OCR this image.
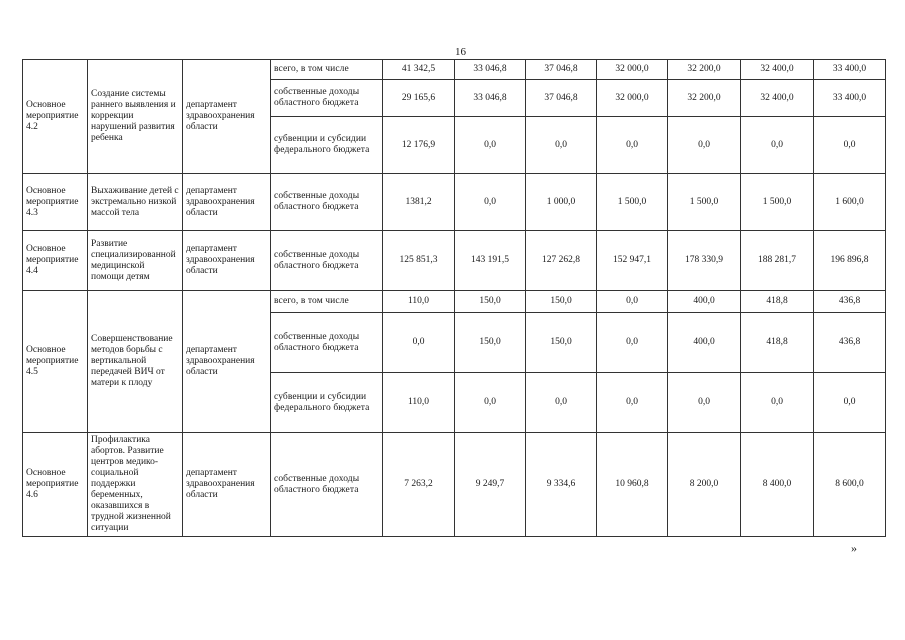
16
Основное мероприятие 4.2	Создание системы раннего выявления и коррекции нарушений развития ребенка	департамент здравоохранения области	всего, в том числе	41 342,5	33 046,8	37 046,8	32 000,0	32 200,0	32 400,0	33 400,0
			собственные доходы областного бюджета	29 165,6	33 046,8	37 046,8	32 000,0	32 200,0	32 400,0	33 400,0
			субвенции и субсидии федерального бюджета	12 176,9	0,0	0,0	0,0	0,0	0,0	0,0
Основное мероприятие 4.3	Выхаживание детей с экстремально низкой массой тела	департамент здравоохранения области	собственные доходы областного бюджета	1381,2	0,0	1 000,0	1 500,0	1 500,0	1 500,0	1 600,0
Основное мероприятие 4.4	Развитие специализированной медицинской помощи детям	департамент здравоохранения области	собственные доходы областного бюджета	125 851,3	143 191,5	127 262,8	152 947,1	178 330,9	188 281,7	196 896,8
Основное мероприятие 4.5	Совершенствование методов борьбы с вертикальной передачей ВИЧ от матери к плоду	департамент здравоохранения области	всего, в том числе	110,0	150,0	150,0	0,0	400,0	418,8	436,8
			собственные доходы областного бюджета	0,0	150,0	150,0	0,0	400,0	418,8	436,8
			субвенции и субсидии федерального бюджета	110,0	0,0	0,0	0,0	0,0	0,0	0,0
Основное мероприятие 4.6	Профилактика абортов. Развитие центров медико-социальной поддержки беременных, оказавшихся в трудной жизненной ситуации	департамент здравоохранения области	собственные доходы областного бюджета	7 263,2	9 249,7	9 334,6	10 960,8	8 200,0	8 400,0	8 600,0
»
